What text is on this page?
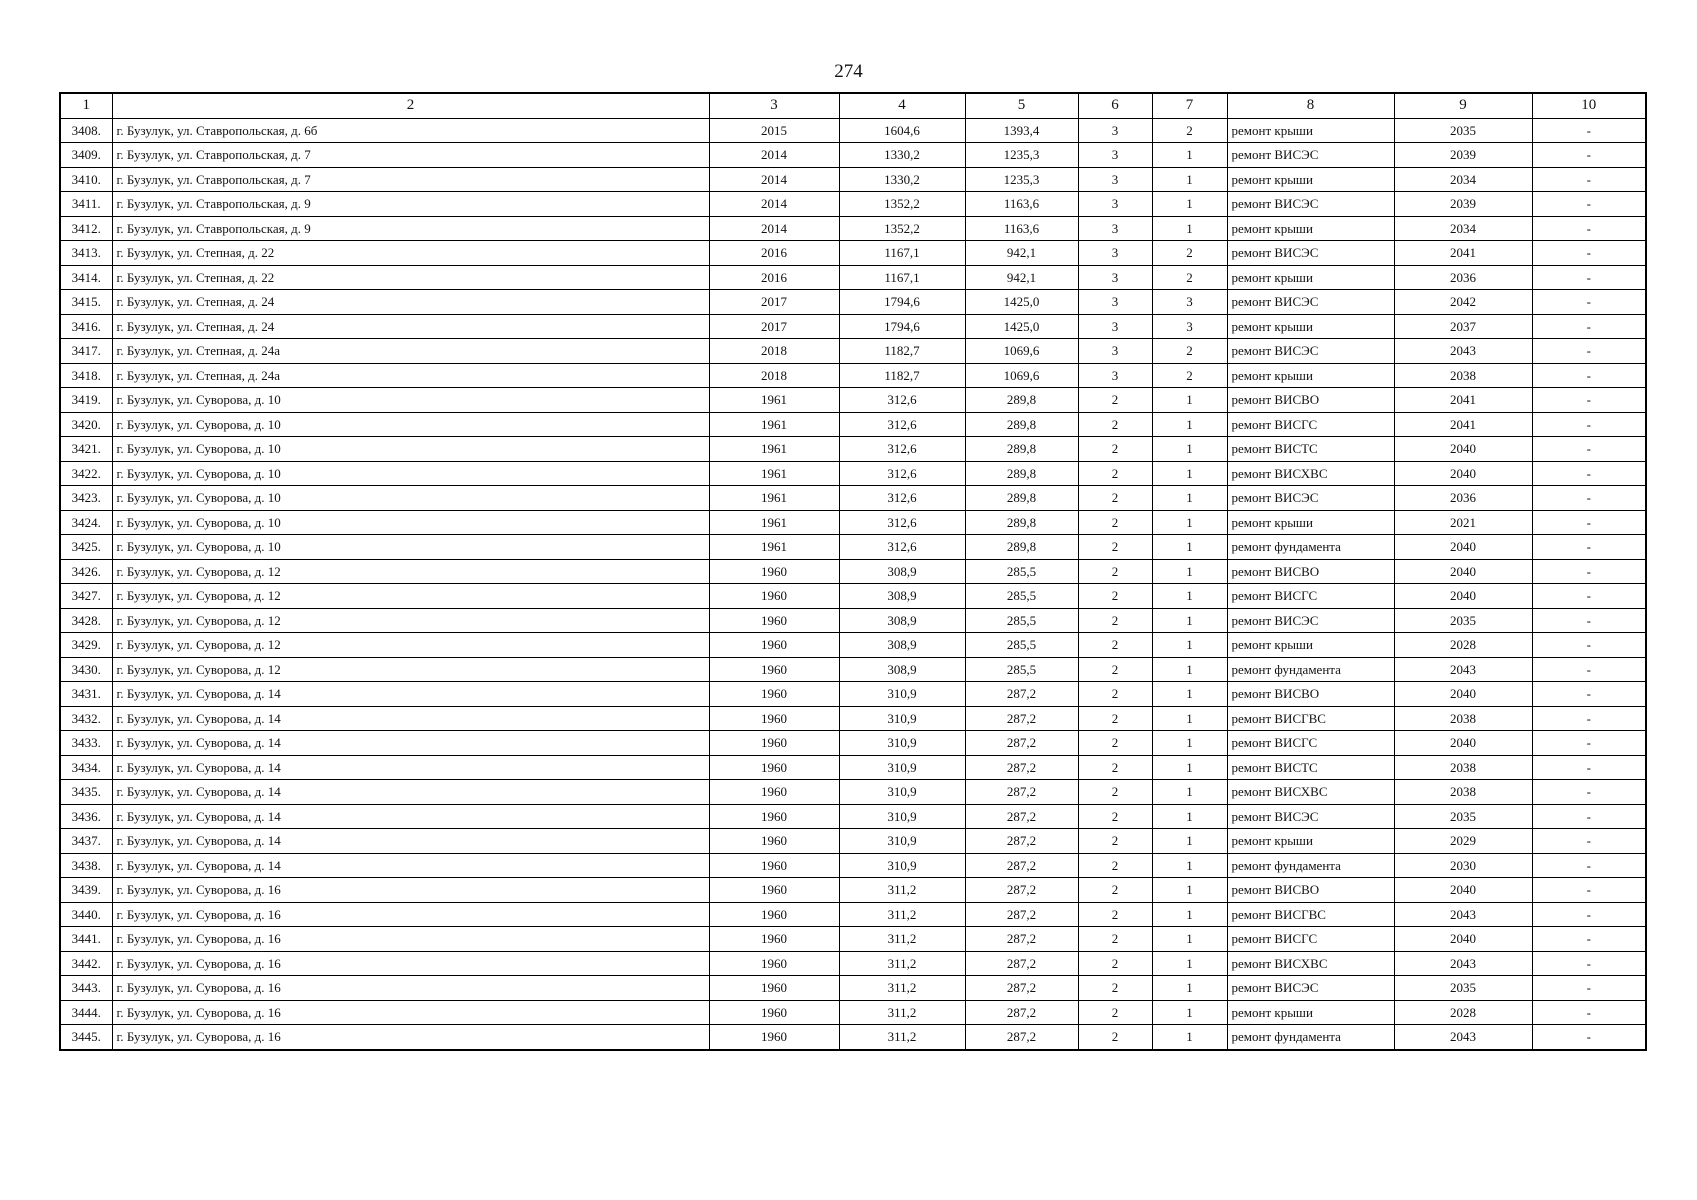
274
1	2	3	4	5	6	7	8	9	10
3408.	г. Бузулук, ул. Ставропольская, д. 6б	2015	1604,6	1393,4	3	2	ремонт крыши	2035	-
3409.	г. Бузулук, ул. Ставропольская, д. 7	2014	1330,2	1235,3	3	1	ремонт ВИСЭС	2039	-
3410.	г. Бузулук, ул. Ставропольская, д. 7	2014	1330,2	1235,3	3	1	ремонт крыши	2034	-
3411.	г. Бузулук, ул. Ставропольская, д. 9	2014	1352,2	1163,6	3	1	ремонт ВИСЭС	2039	-
3412.	г. Бузулук, ул. Ставропольская, д. 9	2014	1352,2	1163,6	3	1	ремонт крыши	2034	-
3413.	г. Бузулук, ул. Степная, д. 22	2016	1167,1	942,1	3	2	ремонт ВИСЭС	2041	-
3414.	г. Бузулук, ул. Степная, д. 22	2016	1167,1	942,1	3	2	ремонт крыши	2036	-
3415.	г. Бузулук, ул. Степная, д. 24	2017	1794,6	1425,0	3	3	ремонт ВИСЭС	2042	-
3416.	г. Бузулук, ул. Степная, д. 24	2017	1794,6	1425,0	3	3	ремонт крыши	2037	-
3417.	г. Бузулук, ул. Степная, д. 24а	2018	1182,7	1069,6	3	2	ремонт ВИСЭС	2043	-
3418.	г. Бузулук, ул. Степная, д. 24а	2018	1182,7	1069,6	3	2	ремонт крыши	2038	-
3419.	г. Бузулук, ул. Суворова, д. 10	1961	312,6	289,8	2	1	ремонт ВИСВО	2041	-
3420.	г. Бузулук, ул. Суворова, д. 10	1961	312,6	289,8	2	1	ремонт ВИСГС	2041	-
3421.	г. Бузулук, ул. Суворова, д. 10	1961	312,6	289,8	2	1	ремонт ВИСТС	2040	-
3422.	г. Бузулук, ул. Суворова, д. 10	1961	312,6	289,8	2	1	ремонт ВИСХВС	2040	-
3423.	г. Бузулук, ул. Суворова, д. 10	1961	312,6	289,8	2	1	ремонт ВИСЭС	2036	-
3424.	г. Бузулук, ул. Суворова, д. 10	1961	312,6	289,8	2	1	ремонт крыши	2021	-
3425.	г. Бузулук, ул. Суворова, д. 10	1961	312,6	289,8	2	1	ремонт фундамента	2040	-
3426.	г. Бузулук, ул. Суворова, д. 12	1960	308,9	285,5	2	1	ремонт ВИСВО	2040	-
3427.	г. Бузулук, ул. Суворова, д. 12	1960	308,9	285,5	2	1	ремонт ВИСГС	2040	-
3428.	г. Бузулук, ул. Суворова, д. 12	1960	308,9	285,5	2	1	ремонт ВИСЭС	2035	-
3429.	г. Бузулук, ул. Суворова, д. 12	1960	308,9	285,5	2	1	ремонт крыши	2028	-
3430.	г. Бузулук, ул. Суворова, д. 12	1960	308,9	285,5	2	1	ремонт фундамента	2043	-
3431.	г. Бузулук, ул. Суворова, д. 14	1960	310,9	287,2	2	1	ремонт ВИСВО	2040	-
3432.	г. Бузулук, ул. Суворова, д. 14	1960	310,9	287,2	2	1	ремонт ВИСГВС	2038	-
3433.	г. Бузулук, ул. Суворова, д. 14	1960	310,9	287,2	2	1	ремонт ВИСГС	2040	-
3434.	г. Бузулук, ул. Суворова, д. 14	1960	310,9	287,2	2	1	ремонт ВИСТС	2038	-
3435.	г. Бузулук, ул. Суворова, д. 14	1960	310,9	287,2	2	1	ремонт ВИСХВС	2038	-
3436.	г. Бузулук, ул. Суворова, д. 14	1960	310,9	287,2	2	1	ремонт ВИСЭС	2035	-
3437.	г. Бузулук, ул. Суворова, д. 14	1960	310,9	287,2	2	1	ремонт крыши	2029	-
3438.	г. Бузулук, ул. Суворова, д. 14	1960	310,9	287,2	2	1	ремонт фундамента	2030	-
3439.	г. Бузулук, ул. Суворова, д. 16	1960	311,2	287,2	2	1	ремонт ВИСВО	2040	-
3440.	г. Бузулук, ул. Суворова, д. 16	1960	311,2	287,2	2	1	ремонт ВИСГВС	2043	-
3441.	г. Бузулук, ул. Суворова, д. 16	1960	311,2	287,2	2	1	ремонт ВИСГС	2040	-
3442.	г. Бузулук, ул. Суворова, д. 16	1960	311,2	287,2	2	1	ремонт ВИСХВС	2043	-
3443.	г. Бузулук, ул. Суворова, д. 16	1960	311,2	287,2	2	1	ремонт ВИСЭС	2035	-
3444.	г. Бузулук, ул. Суворова, д. 16	1960	311,2	287,2	2	1	ремонт крыши	2028	-
3445.	г. Бузулук, ул. Суворова, д. 16	1960	311,2	287,2	2	1	ремонт фундамента	2043	-
